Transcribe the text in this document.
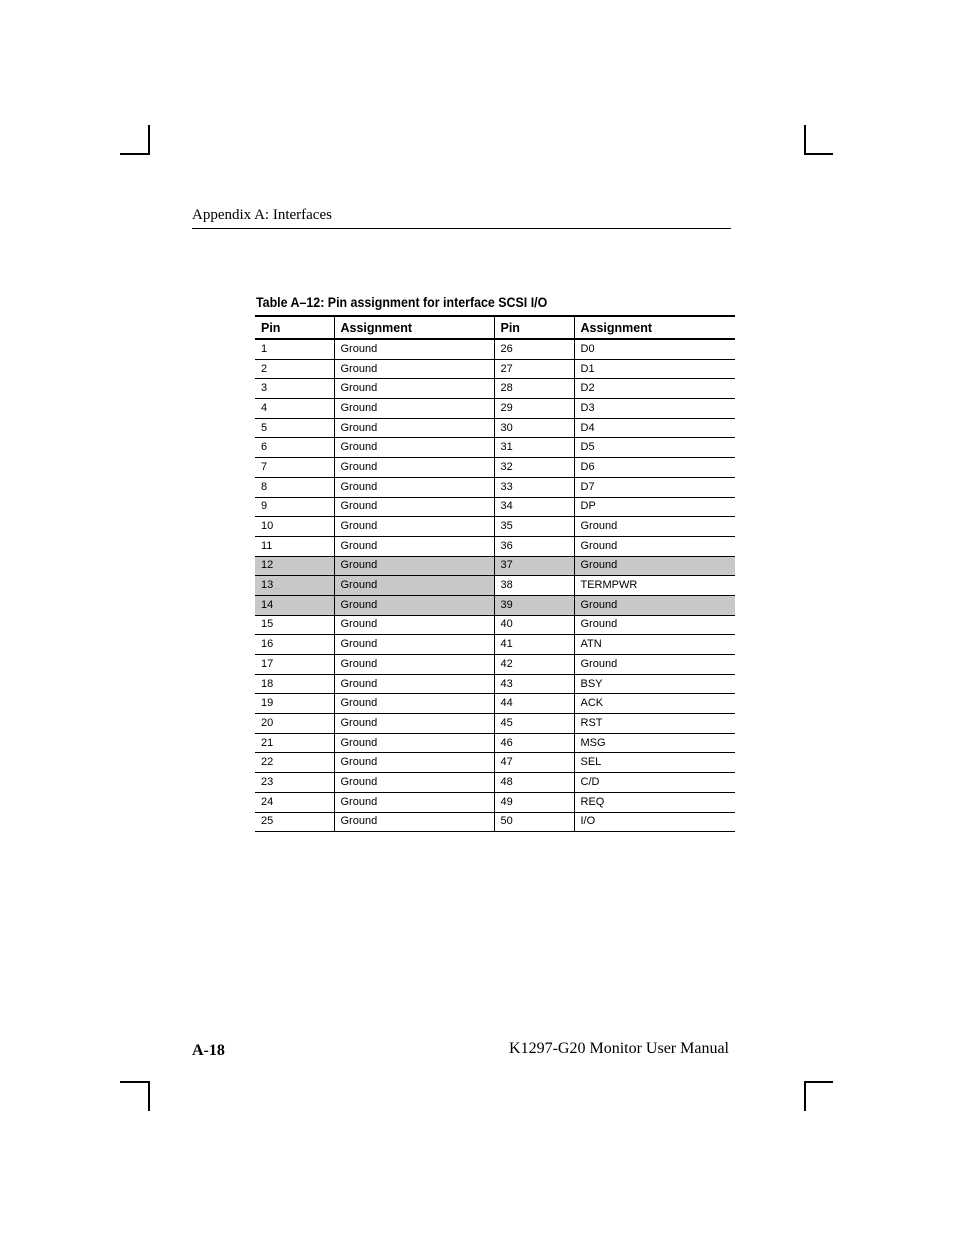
Appendix A: Interfaces
Table A–12: Pin assignment for interface SCSI I/O
Pin	Assignment	Pin	Assignment
1	Ground	26	D0
2	Ground	27	D1
3	Ground	28	D2
4	Ground	29	D3
5	Ground	30	D4
6	Ground	31	D5
7	Ground	32	D6
8	Ground	33	D7
9	Ground	34	DP
10	Ground	35	Ground
11	Ground	36	Ground
12	Ground	37	Ground
13	Ground	38	TERMPWR
14	Ground	39	Ground
15	Ground	40	Ground
16	Ground	41	ATN
17	Ground	42	Ground
18	Ground	43	BSY
19	Ground	44	ACK
20	Ground	45	RST
21	Ground	46	MSG
22	Ground	47	SEL
23	Ground	48	C/D
24	Ground	49	REQ
25	Ground	50	I/O
A-18	K1297-G20 Monitor User Manual
